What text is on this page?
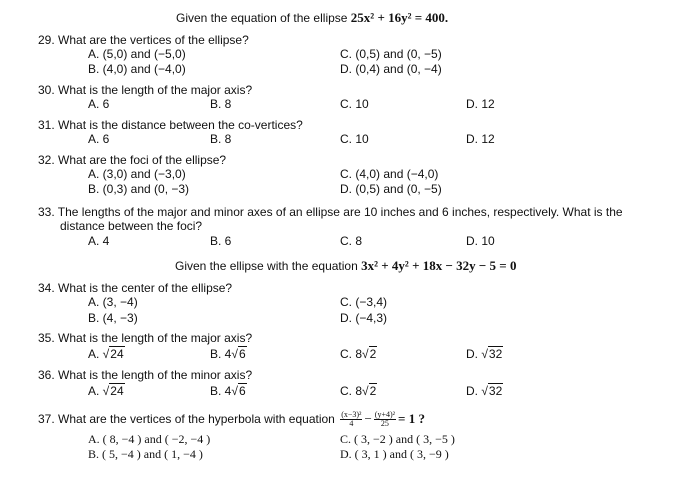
Given the equation of the ellipse 25x² + 16y² = 400.
29. What are the vertices of the ellipse?
A. (5,0) and (−5,0)
B. (4,0) and (−4,0)
C. (0,5) and (0, −5)
D. (0,4) and (0, −4)
30. What is the length of the major axis?
A. 6	B. 8	C. 10	D. 12
31. What is the distance between the co-vertices?
A. 6	B. 8	C. 10	D. 12
32. What are the foci of the ellipse?
A. (3,0) and (−3,0)
B. (0,3) and (0, −3)
C. (4,0) and (−4,0)
D. (0,5) and (0, −5)
33. The lengths of the major and minor axes of an ellipse are 10 inches and 6 inches, respectively. What is the
distance between the foci?
A. 4	B. 6	C. 8	D. 10
Given the ellipse with the equation 3x² + 4y² + 18x − 32y − 5 = 0
34. What is the center of the ellipse?
A. (3, −4)
B. (4, −3)
C. (−3,4)
D. (−4,3)
35. What is the length of the major axis?
A. √24	B. 4√6	C. 8√2	D. √32
36. What is the length of the minor axis?
A. √24	B. 4√6	C. 8√2	D. √32
37. What are the vertices of the hyperbola with equation $\frac{\text{(x−3)²}}{4} - \frac{\text{(y+4)²}}{25} = 1$ ?
A. ( 8, −4 ) and ( −2, −4 )
B. ( 5, −4 ) and ( 1, −4 )
C. ( 3, −2 ) and ( 3, −5 )
D. ( 3, 1 ) and ( 3, −9 )
